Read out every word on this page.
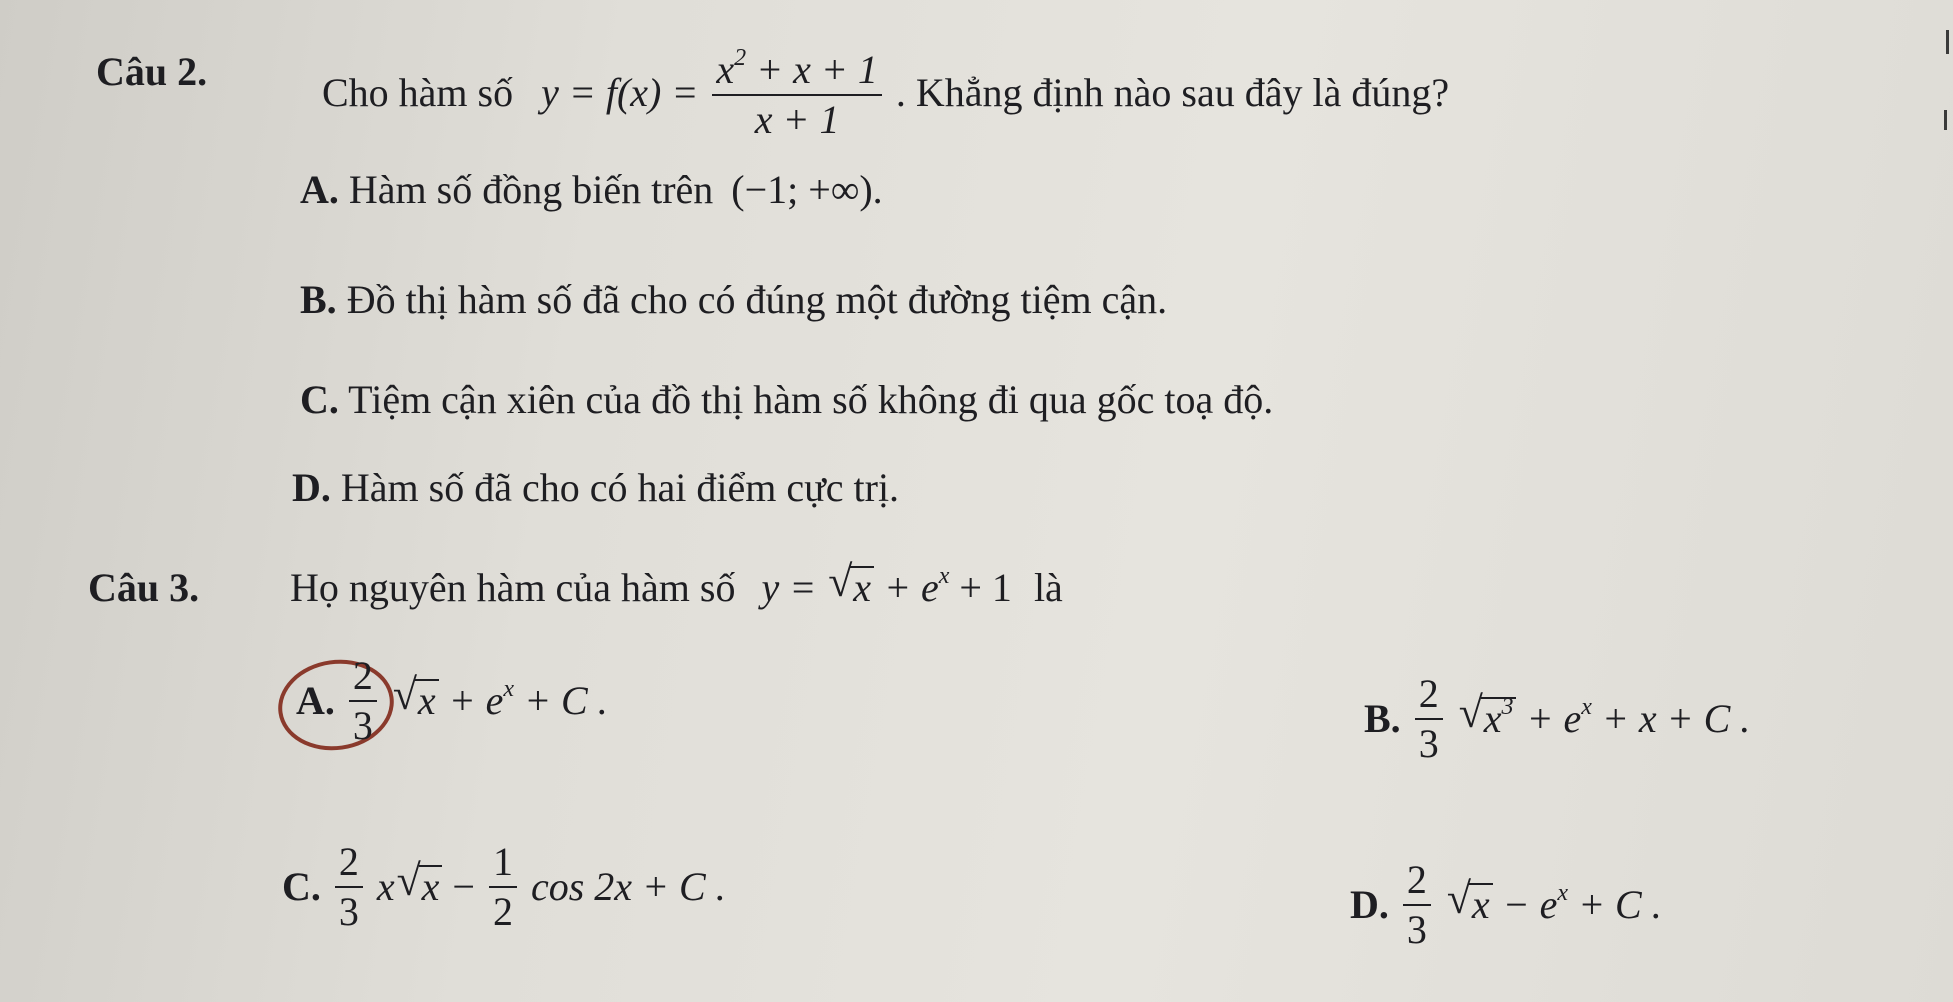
Câu 2.	Cho hàm số $y = f(x) = \frac{x^2 + x + 1}{x + 1}$ . Khẳng định nào sau đây là đúng?
A. Hàm số đồng biến trên (−1; +∞).
B. Đồ thị hàm số đã cho có đúng một đường tiệm cận.
C. Tiệm cận xiên của đồ thị hàm số không đi qua gốc toạ độ.
D. Hàm số đã cho có hai điểm cực trị.
Câu 3. Họ nguyên hàm của hàm số y = √ $x + e^x + 1$ là
A. $\frac{2}{3}$
√ $x + e^x + C$ .	B. $\frac{2}{3}$
√ $x^3 + e^x + x + C$ .
C. $\frac{2}{3}$ x √ $x - \frac{1}{2}$ cos 2x + C .	D. $\frac{2}{3}$
√ $x - e^x + C$ .
